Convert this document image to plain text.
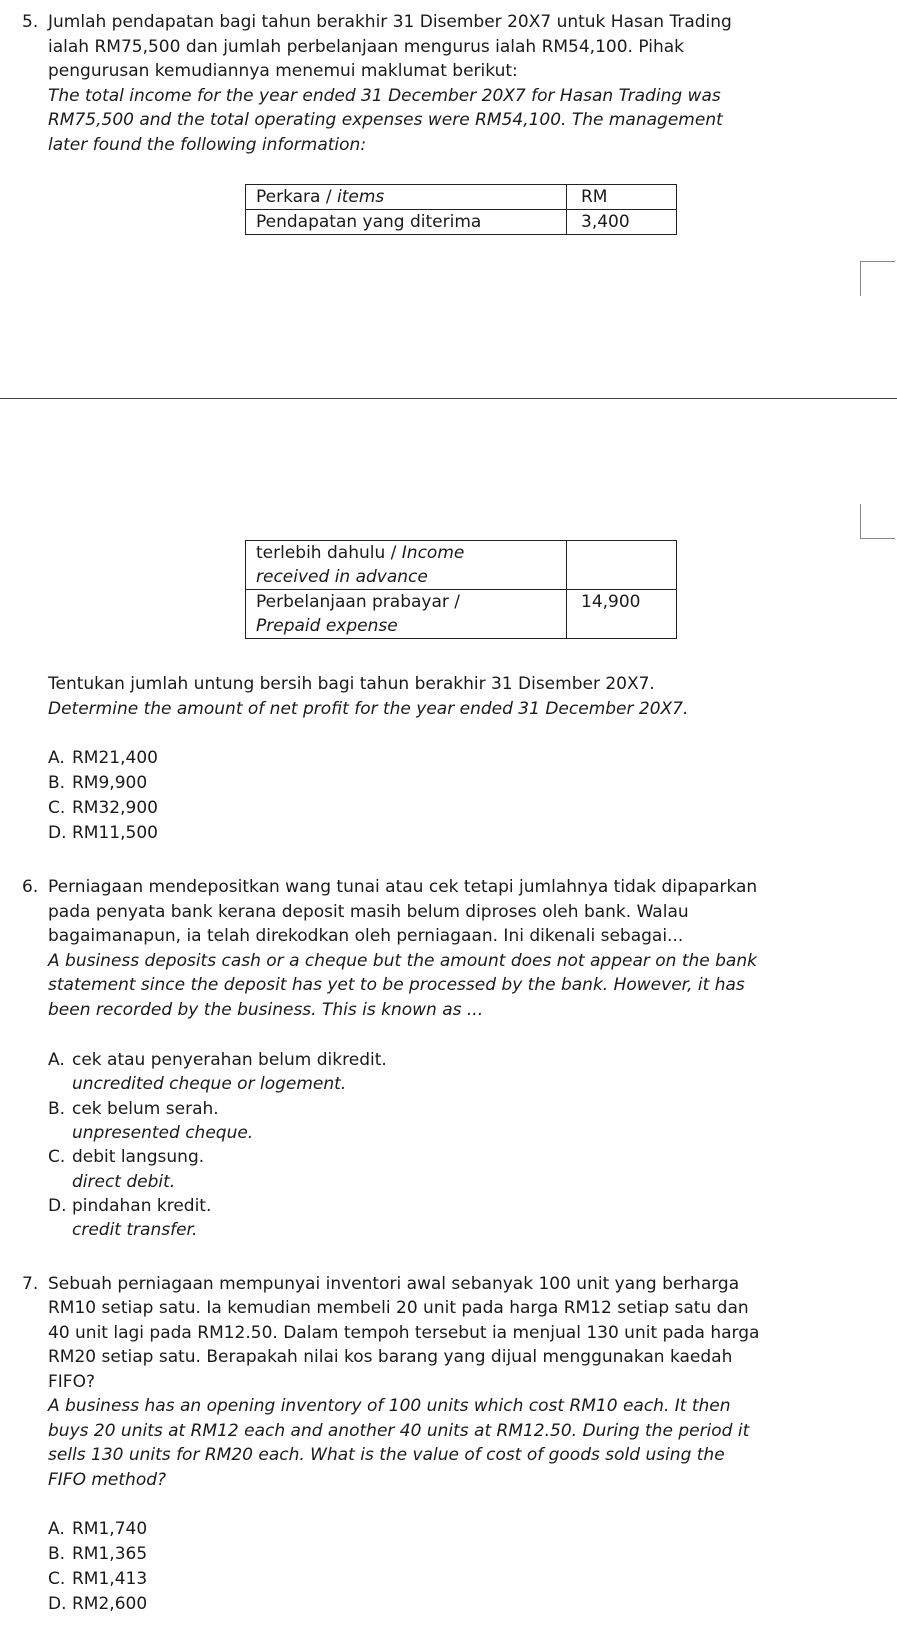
5. Jumlah pendapatan bagi tahun berakhir 31 Disember 20X7 untuk Hasan Trading
ialah RM75,500 dan jumlah perbelanjaan mengurus ialah RM54,100. Pihak
pengurusan kemudiannya menemui maklumat berikut:
The total income for the year ended 31 December 20X7 for Hasan Trading was
RM75,500 and the total operating expenses were RM54,100. The management
later found the following information:
Perkara / items	RM
Pendapatan yang diterima	3,400
terlebih dahulu / Income
received in advance	
Perbelanjaan prabayar /
Prepaid expense	14,900
Tentukan jumlah untung bersih bagi tahun berakhir 31 Disember 20X7.
Determine the amount of net profit for the year ended 31 December 20X7.
A. RM21,400
B. RM9,900
C. RM32,900
D. RM11,500
6. Perniagaan mendepositkan wang tunai atau cek tetapi jumlahnya tidak dipaparkan
pada penyata bank kerana deposit masih belum diproses oleh bank. Walau
bagaimanapun, ia telah direkodkan oleh perniagaan. Ini dikenali sebagai...
A business deposits cash or a cheque but the amount does not appear on the bank
statement since the deposit has yet to be processed by the bank. However, it has
been recorded by the business. This is known as ...
A. cek atau penyerahan belum dikredit.
uncredited cheque or logement.
B. cek belum serah.
unpresented cheque.
C. debit langsung.
direct debit.
D. pindahan kredit.
credit transfer.
7. Sebuah perniagaan mempunyai inventori awal sebanyak 100 unit yang berharga
RM10 setiap satu. Ia kemudian membeli 20 unit pada harga RM12 setiap satu dan
40 unit lagi pada RM12.50. Dalam tempoh tersebut ia menjual 130 unit pada harga
RM20 setiap satu. Berapakah nilai kos barang yang dijual menggunakan kaedah
FIFO?
A business has an opening inventory of 100 units which cost RM10 each. It then
buys 20 units at RM12 each and another 40 units at RM12.50. During the period it
sells 130 units for RM20 each. What is the value of cost of goods sold using the
FIFO method?
A. RM1,740
B. RM1,365
C. RM1,413
D. RM2,600
